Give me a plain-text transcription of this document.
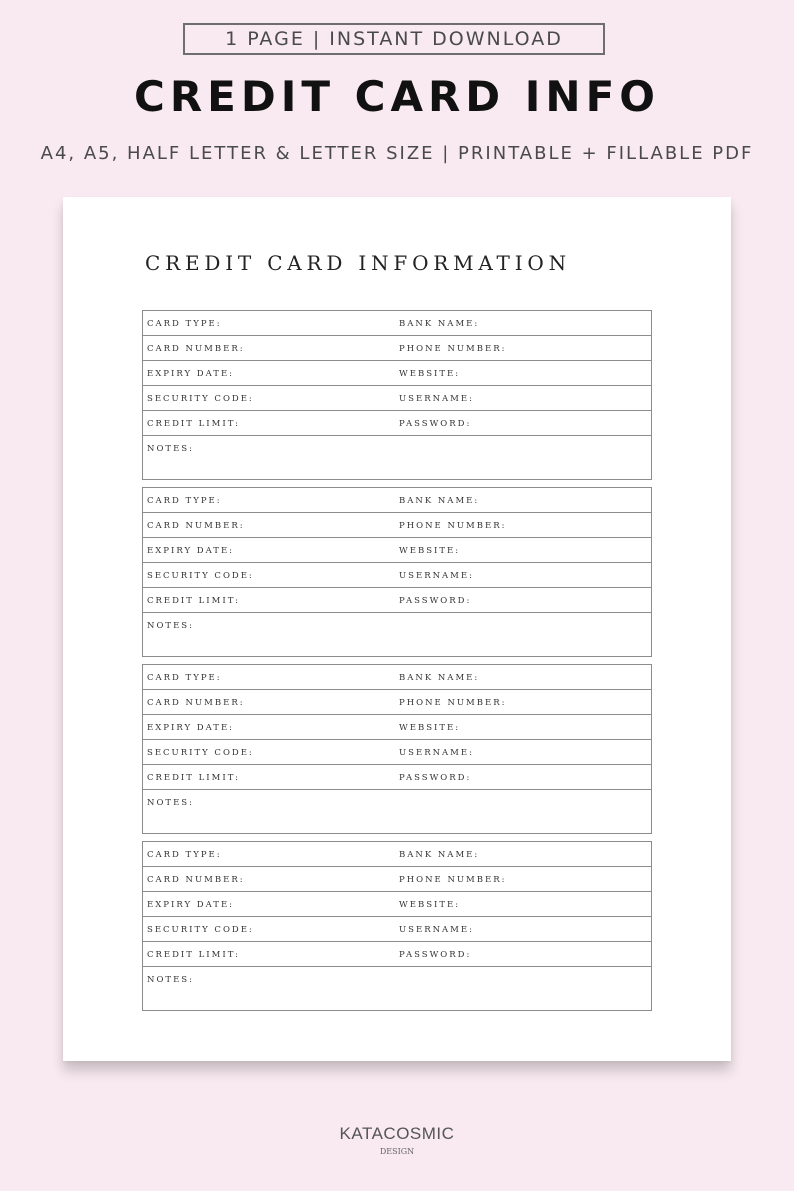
1 PAGE | INSTANT DOWNLOAD
CREDIT CARD INFO
A4, A5, HALF LETTER & LETTER SIZE | PRINTABLE + FILLABLE PDF
CREDIT CARD INFORMATION
CARD TYPE:	BANK NAME:
CARD NUMBER:	PHONE NUMBER:
EXPIRY DATE:	WEBSITE:
SECURITY CODE:	USERNAME:
CREDIT LIMIT:	PASSWORD:
NOTES:
CARD TYPE:	BANK NAME:
CARD NUMBER:	PHONE NUMBER:
EXPIRY DATE:	WEBSITE:
SECURITY CODE:	USERNAME:
CREDIT LIMIT:	PASSWORD:
NOTES:
CARD TYPE:	BANK NAME:
CARD NUMBER:	PHONE NUMBER:
EXPIRY DATE:	WEBSITE:
SECURITY CODE:	USERNAME:
CREDIT LIMIT:	PASSWORD:
NOTES:
CARD TYPE:	BANK NAME:
CARD NUMBER:	PHONE NUMBER:
EXPIRY DATE:	WEBSITE:
SECURITY CODE:	USERNAME:
CREDIT LIMIT:	PASSWORD:
NOTES:
KATACOSMIC
DESIGN
